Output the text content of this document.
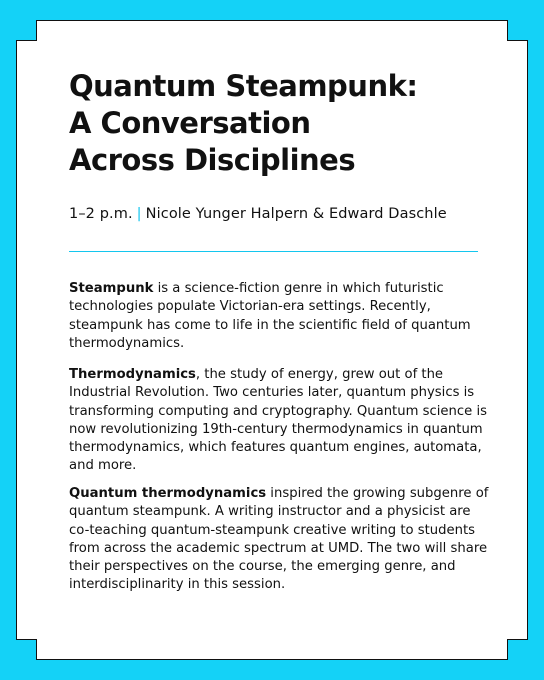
Quantum Steampunk:
A Conversation
Across Disciplines
1–2 p.m. | Nicole Yunger Halpern & Edward Daschle

Steampunk is a science-fiction genre in which futuristic technologies populate Victorian-era settings. Recently, steampunk has come to life in the scientific field of quantum thermodynamics.

Thermodynamics, the study of energy, grew out of the Industrial Revolution. Two centuries later, quantum physics is transforming computing and cryptography. Quantum science is now revolutionizing 19th-century thermodynamics in quantum thermodynamics, which features quantum engines, automata, and more.

Quantum thermodynamics inspired the growing subgenre of quantum steampunk. A writing instructor and a physicist are co-teaching quantum-steampunk creative writing to students from across the academic spectrum at UMD. The two will share their perspectives on the course, the emerging genre, and interdisciplinarity in this session.
